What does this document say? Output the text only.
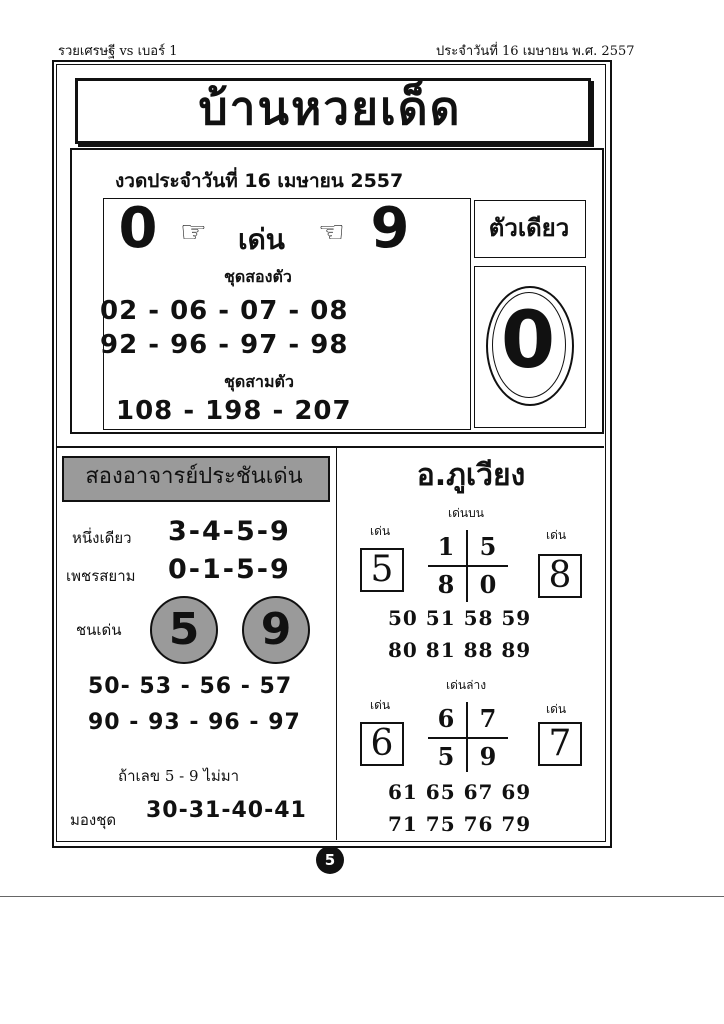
รวยเศรษฐี vs เบอร์ 1	ประจำวันที่ 16 เมษายน พ.ศ. 2557
บ้านหวยเด็ด
งวดประจำวันที่ 16 เมษายน 2557
0 ☞ เด่น ☜ 9
ชุดสองตัว
02 - 06 - 07 - 08
92 - 96 - 97 - 98
ชุดสามตัว
108 - 198 - 207
ตัวเดียว
0
สองอาจารย์ประชันเด่น
หนึ่งเดียว 3-4-5-9
เพชรสยาม 0-1-5-9
ชนเด่น	5	9
50- 53 - 56 - 57
90 - 93 - 96 - 97
ถ้าเลข 5 - 9 ไม่มา
มองชุด 30-31-40-41
อ.ภูเวียง
เด่นบน
เด่น	เด่น
5	8
1	5
8	0
50 51 58 59
80 81 88 89
เด่นล่าง
เด่น	เด่น
6	7
6	7
5	9
61 65 67 69
71 75 76 79
5
